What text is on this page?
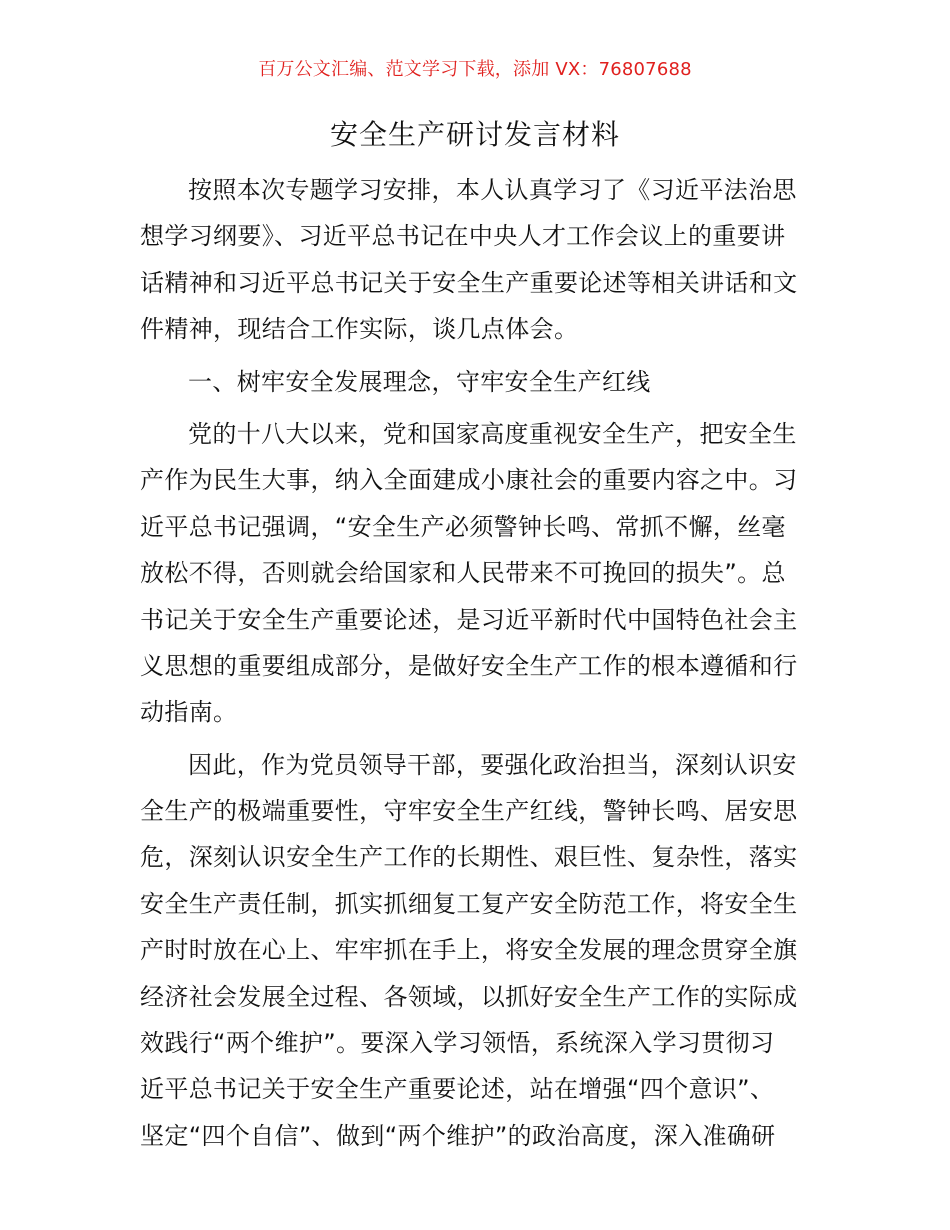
百万公文汇编、范文学习下载，添加 VX：76807688
安全生产研讨发言材料
按照本次专题学习安排，本人认真学习了《习近平法治思
想学习纲要》、习近平总书记在中央人才工作会议上的重要讲
话精神和习近平总书记关于安全生产重要论述等相关讲话和文
件精神，现结合工作实际，谈几点体会。
一、树牢安全发展理念，守牢安全生产红线
党的十八大以来，党和国家高度重视安全生产，把安全生
产作为民生大事，纳入全面建成小康社会的重要内容之中。习
近平总书记强调，“安全生产必须警钟长鸣、常抓不懈，丝毫
放松不得，否则就会给国家和人民带来不可挽回的损失”。总
书记关于安全生产重要论述，是习近平新时代中国特色社会主
义思想的重要组成部分，是做好安全生产工作的根本遵循和行
动指南。
因此，作为党员领导干部，要强化政治担当，深刻认识安
全生产的极端重要性，守牢安全生产红线，警钟长鸣、居安思
危，深刻认识安全生产工作的长期性、艰巨性、复杂性，落实
安全生产责任制，抓实抓细复工复产安全防范工作，将安全生
产时时放在心上、牢牢抓在手上，将安全发展的理念贯穿全旗
经济社会发展全过程、各领域，以抓好安全生产工作的实际成
效践行“两个维护”。要深入学习领悟，系统深入学习贯彻习
近平总书记关于安全生产重要论述，站在增强“四个意识”、
坚定“四个自信”、做到“两个维护”的政治高度，深入准确研
